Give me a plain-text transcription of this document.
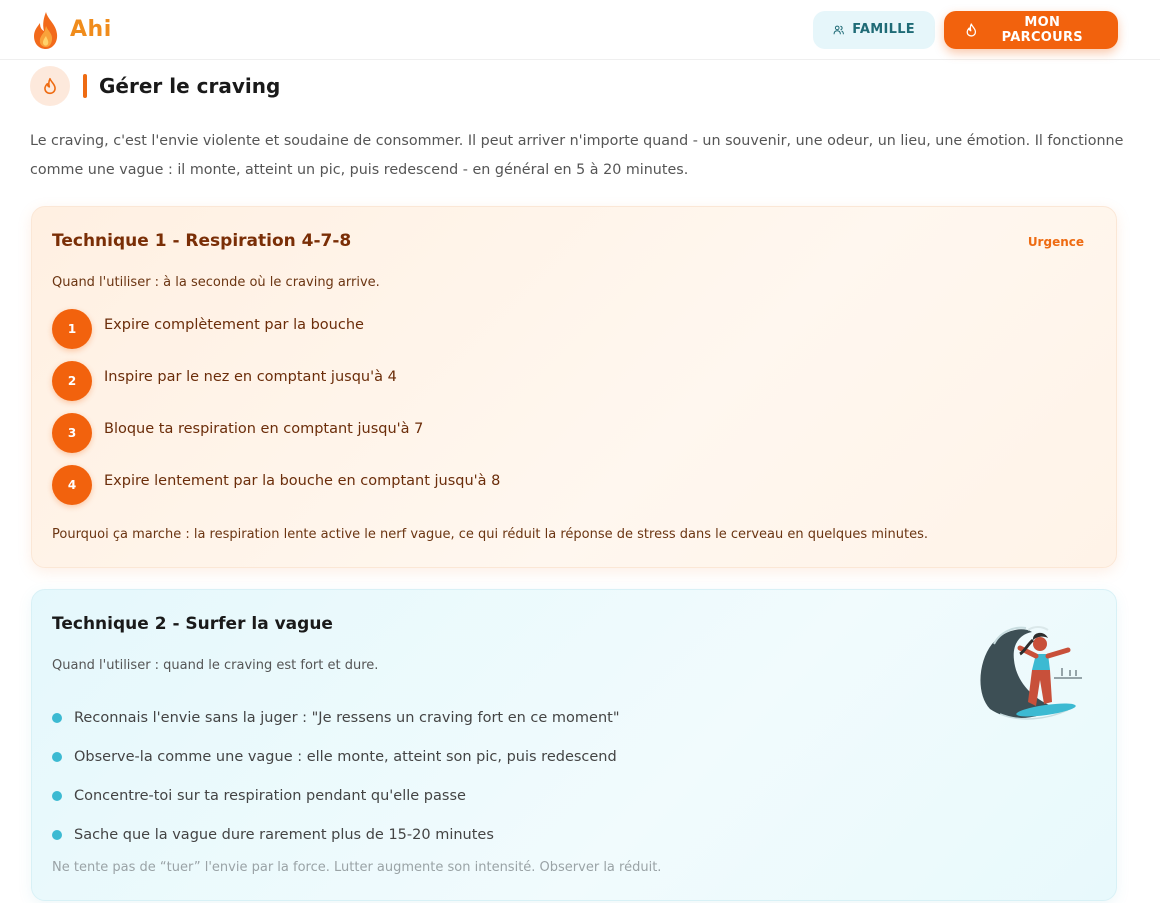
Ahi	FAMILLE	MON PARCOURS
Gérer le craving

Le craving, c'est l'envie violente et soudaine de consommer. Il peut arriver n'importe quand - un souvenir, une odeur, un lieu, une émotion. Il fonctionne comme une vague : il monte, atteint un pic, puis redescend - en général en 5 à 20 minutes.

Technique 1 - Respiration 4-7-8	Urgence

Quand l'utiliser : à la seconde où le craving arrive.

1	Expire complètement par la bouche
2	Inspire par le nez en comptant jusqu'à 4
3	Bloque ta respiration en comptant jusqu'à 7
4	Expire lentement par la bouche en comptant jusqu'à 8

Pourquoi ça marche : la respiration lente active le nerf vague, ce qui réduit la réponse de stress dans le cerveau en quelques minutes.

Technique 2 - Surfer la vague

Quand l'utiliser : quand le craving est fort et dure.

Reconnais l'envie sans la juger : "Je ressens un craving fort en ce moment"
Observe-la comme une vague : elle monte, atteint son pic, puis redescend
Concentre-toi sur ta respiration pendant qu'elle passe
Sache que la vague dure rarement plus de 15-20 minutes

Ne tente pas de “tuer” l'envie par la force. Lutter augmente son intensité. Observer la réduit.
